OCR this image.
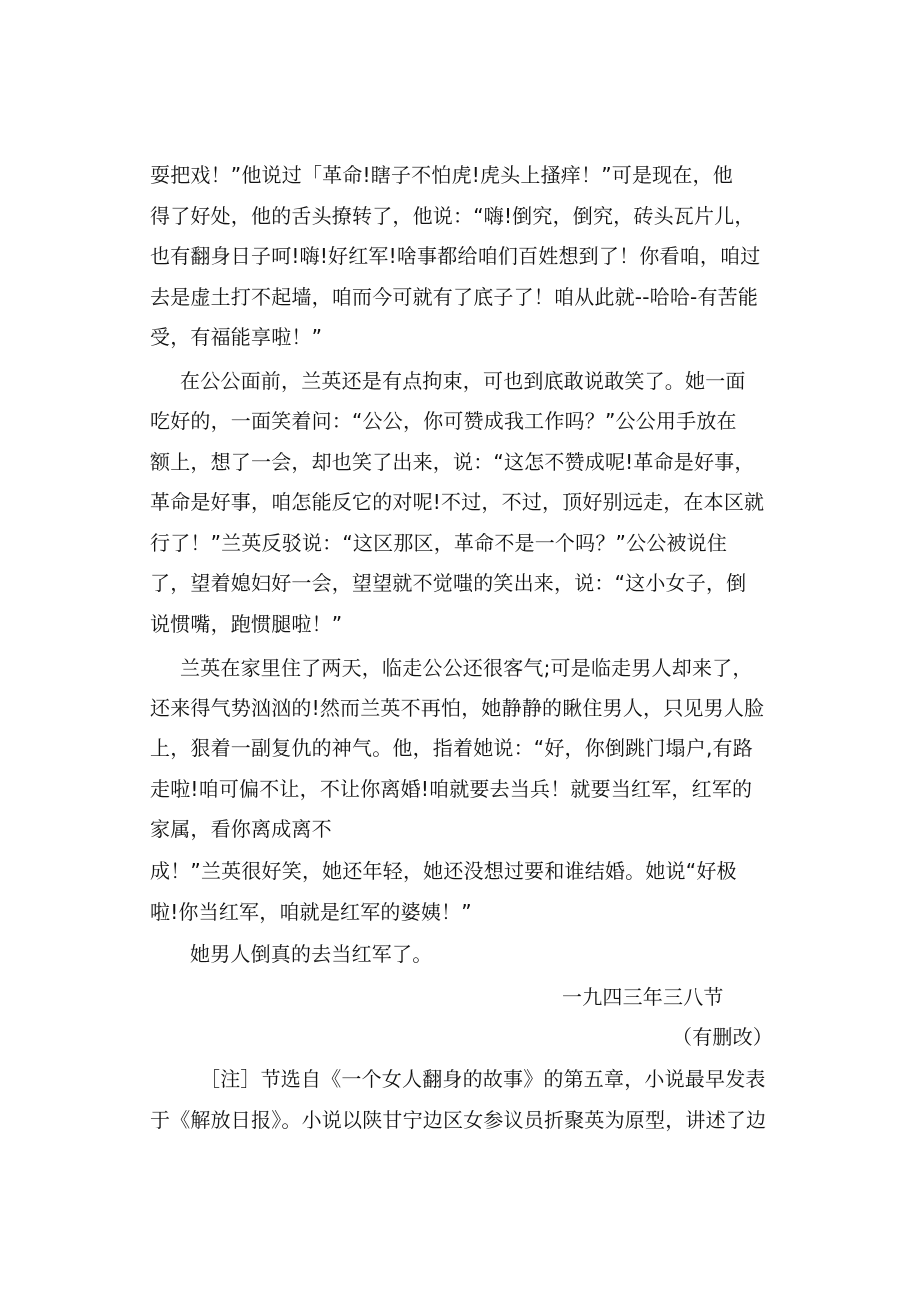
耍把戏！”他说过「革命!瞎子不怕虎!虎头上搔痒！”可是现在，他
得了好处，他的舌头撩转了，他说：“嗨!倒究，倒究，砖头瓦片儿，
也有翻身日子呵!嗨!好红军!啥事都给咱们百姓想到了！你看咱，咱过
去是虚土打不起墙，咱而今可就有了底子了！咱从此就--哈哈-有苦能
受，有福能享啦！”
在公公面前，兰英还是有点拘束，可也到底敢说敢笑了。她一面
吃好的，一面笑着问：“公公，你可赞成我工作吗？”公公用手放在
额上，想了一会，却也笑了出来，说：“这怎不赞成呢!革命是好事，
革命是好事，咱怎能反它的对呢!不过，不过，顶好别远走，在本区就
行了！”兰英反驳说：“这区那区，革命不是一个吗？”公公被说住
了，望着媳妇好一会，望望就不觉嗤的笑出来，说：“这小女子，倒
说惯嘴，跑惯腿啦！”
兰英在家里住了两天，临走公公还很客气;可是临走男人却来了，
还来得气势汹汹的!然而兰英不再怕，她静静的瞅住男人，只见男人脸
上，狠着一副复仇的神气。他，指着她说：“好，你倒跳门塌户,有路
走啦!咱可偏不让，不让你离婚!咱就要去当兵！就要当红军，红军的
家属，看你离成离不
成！”兰英很好笑，她还年轻，她还没想过要和谁结婚。她说“好极
啦!你当红军，咱就是红军的婆姨！”
她男人倒真的去当红军了。
一九四三年三八节
（有删改）
［注］节选自《一个女人翻身的故事》的第五章，小说最早发表
于《解放日报》。小说以陕甘宁边区女参议员折聚英为原型，讲述了边
